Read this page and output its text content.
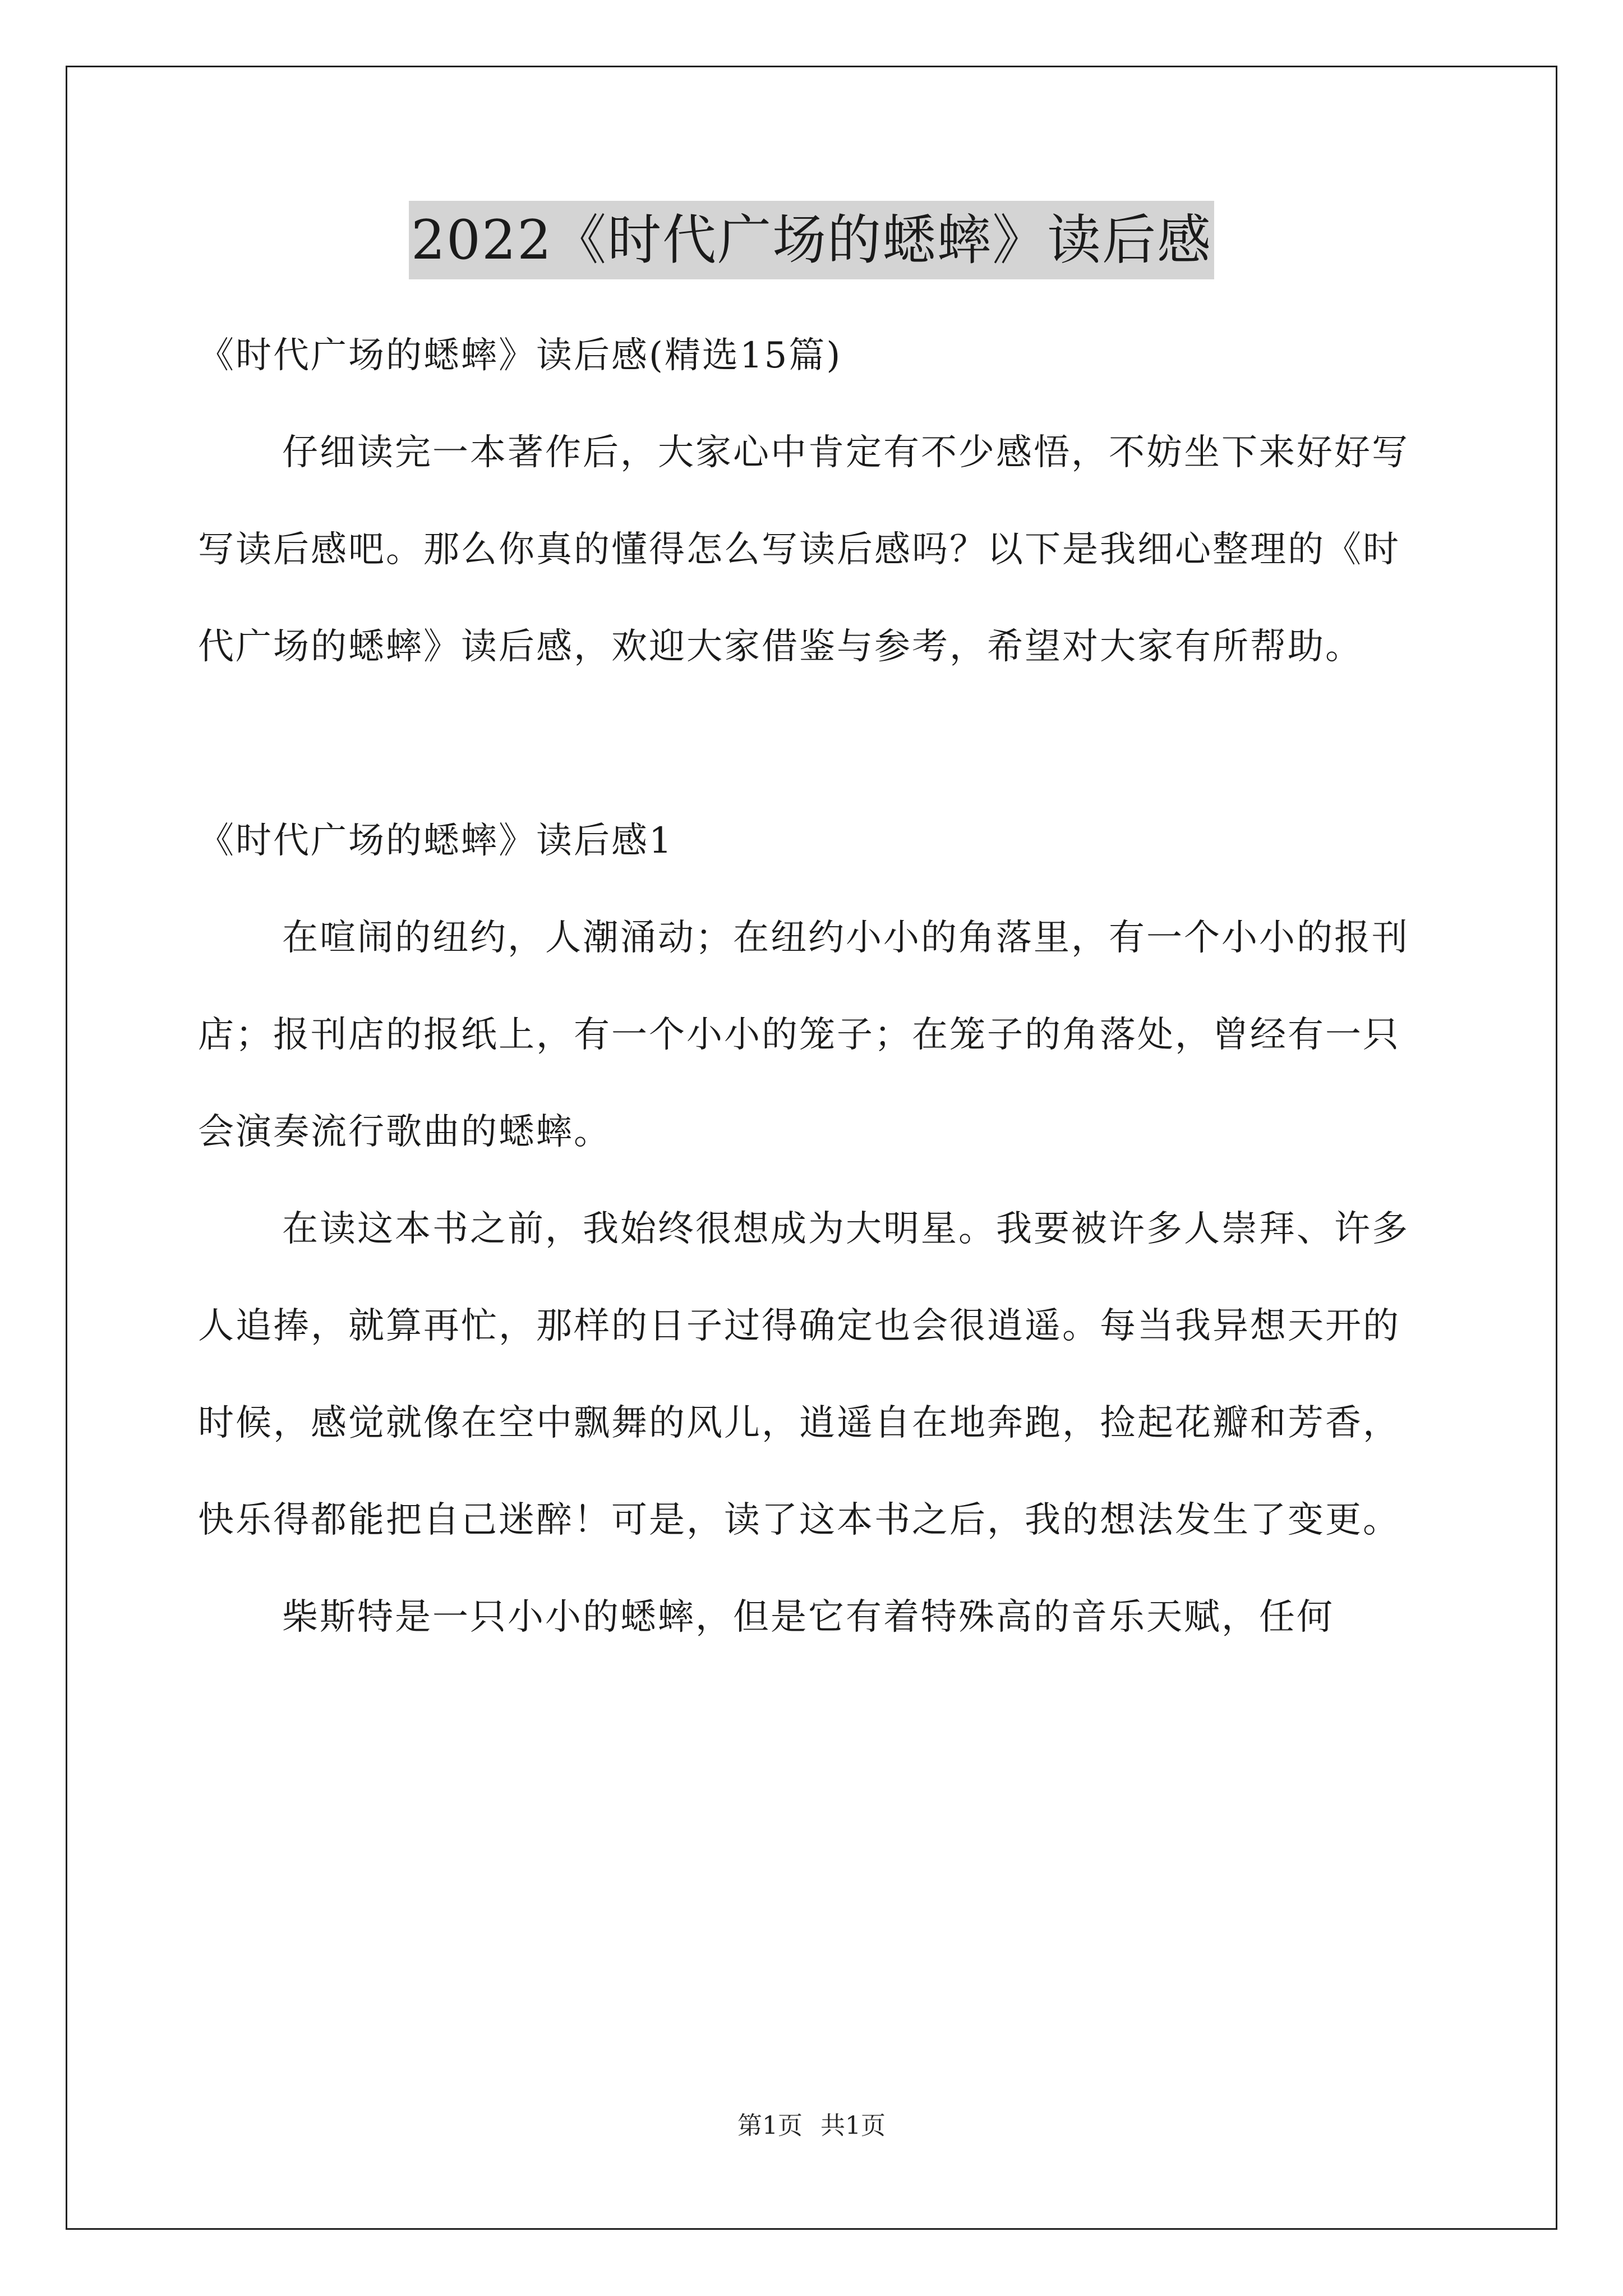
2022《时代广场的蟋蟀》读后感

《时代广场的蟋蟀》读后感(精选15篇)

仔细读完一本著作后，大家心中肯定有不少感悟，不妨坐下来好好写写读后感吧。那么你真的懂得怎么写读后感吗？以下是我细心整理的《时代广场的蟋蟀》读后感，欢迎大家借鉴与参考，希望对大家有所帮助。

《时代广场的蟋蟀》读后感1

在喧闹的纽约，人潮涌动；在纽约小小的角落里，有一个小小的报刊店；报刊店的报纸上，有一个小小的笼子；在笼子的角落处，曾经有一只会演奏流行歌曲的蟋蟀。

在读这本书之前，我始终很想成为大明星。我要被许多人崇拜、许多人追捧，就算再忙，那样的日子过得确定也会很逍遥。每当我异想天开的时候，感觉就像在空中飘舞的风儿，逍遥自在地奔跑，捡起花瓣和芳香，快乐得都能把自己迷醉！可是，读了这本书之后，我的想法发生了变更。

柴斯特是一只小小的蟋蟀，但是它有着特殊高的音乐天赋，任何

第1页 共1页
